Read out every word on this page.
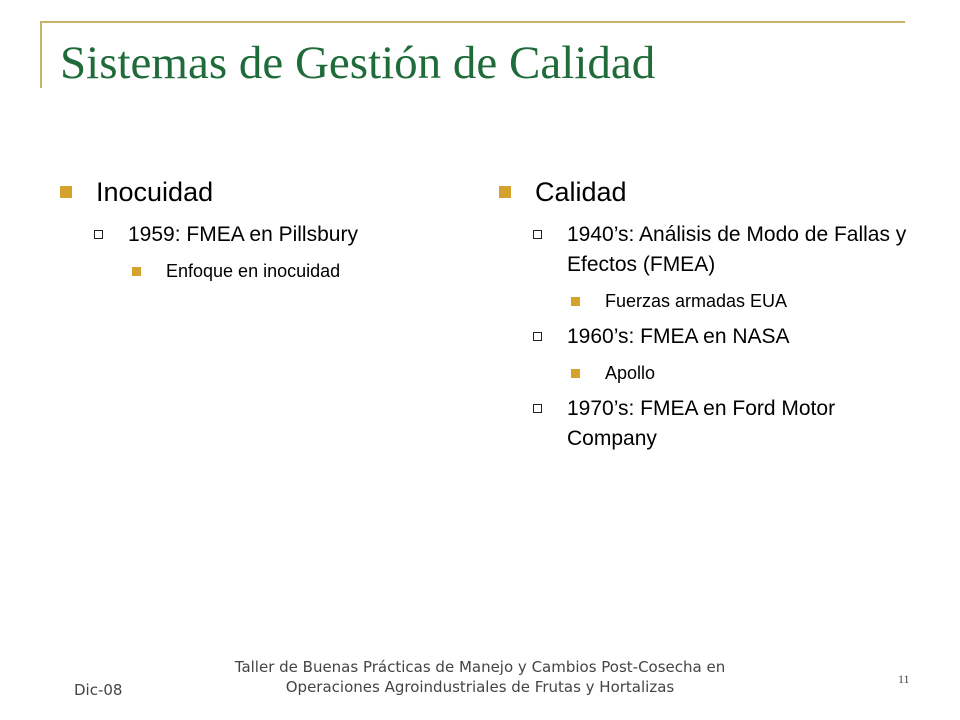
Sistemas de Gestión de Calidad
Inocuidad
1959: FMEA en Pillsbury
Enfoque en inocuidad
Calidad
1940’s: Análisis de Modo de Fallas y Efectos (FMEA)
Fuerzas armadas EUA
1960’s: FMEA en NASA
Apollo
1970’s: FMEA en Ford Motor Company
Dic-08
Taller de Buenas Prácticas de Manejo y Cambios Post-Cosecha en
Operaciones Agroindustriales de Frutas y Hortalizas	11
